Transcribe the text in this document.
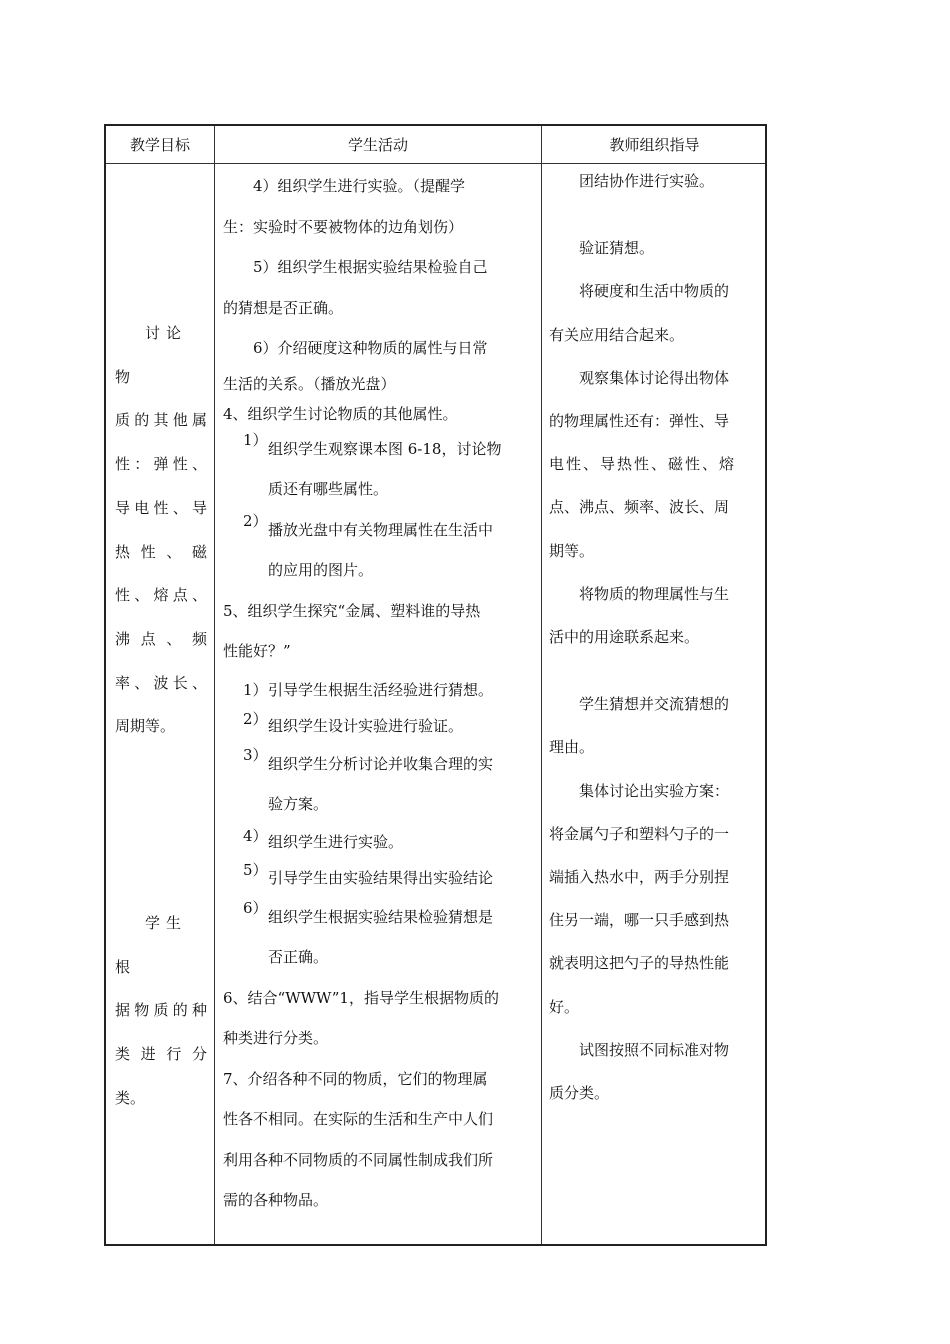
教学目标	学生活动	教师组织指导

讨论物

质的其他属

性：弹性、

导电性、导

热 性 、 磁

性、熔点、

沸 点 、 频

率、波长、

周期等。

学生根

据物质的种

类 进 行 分

类。

4）组织学生进行实验。（提醒学

生：实验时不要被物体的边角划伤）

5）组织学生根据实验结果检验自己

的猜想是否正确。

6）介绍硬度这种物质的属性与日常

生活的关系。（播放光盘）

4、组织学生讨论物质的其他属性。

1） 组织学生观察课本图 6-18，讨论物

质还有哪些属性。

2） 播放光盘中有关物理属性在生活中

的应用的图片。

5、组织学生探究“金属、塑料谁的导热

性能好？”

1） 引导学生根据生活经验进行猜想。

2） 组织学生设计实验进行验证。

3） 组织学生分析讨论并收集合理的实

验方案。

4） 组织学生进行实验。

5） 引导学生由实验结果得出实验结论

6） 组织学生根据实验结果检验猜想是

否正确。

6、结合“WWW”1，指导学生根据物质的

种类进行分类。

7、介绍各种不同的物质，它们的物理属

性各不相同。在实际的生活和生产中人们

利用各种不同物质的不同属性制成我们所

需的各种物品。

团结协作进行实验。

验证猜想。

将硬度和生活中物质的

有关应用结合起来。

观察集体讨论得出物体

的物理属性还有：弹性、导

电性、导热性、磁性、熔

点、沸点、频率、波长、周

期等。

将物质的物理属性与生

活中的用途联系起来。

学生猜想并交流猜想的

理由。

集体讨论出实验方案：

将金属勺子和塑料勺子的一

端插入热水中，两手分别捏

住另一端，哪一只手感到热

就表明这把勺子的导热性能

好。

试图按照不同标准对物

质分类。
